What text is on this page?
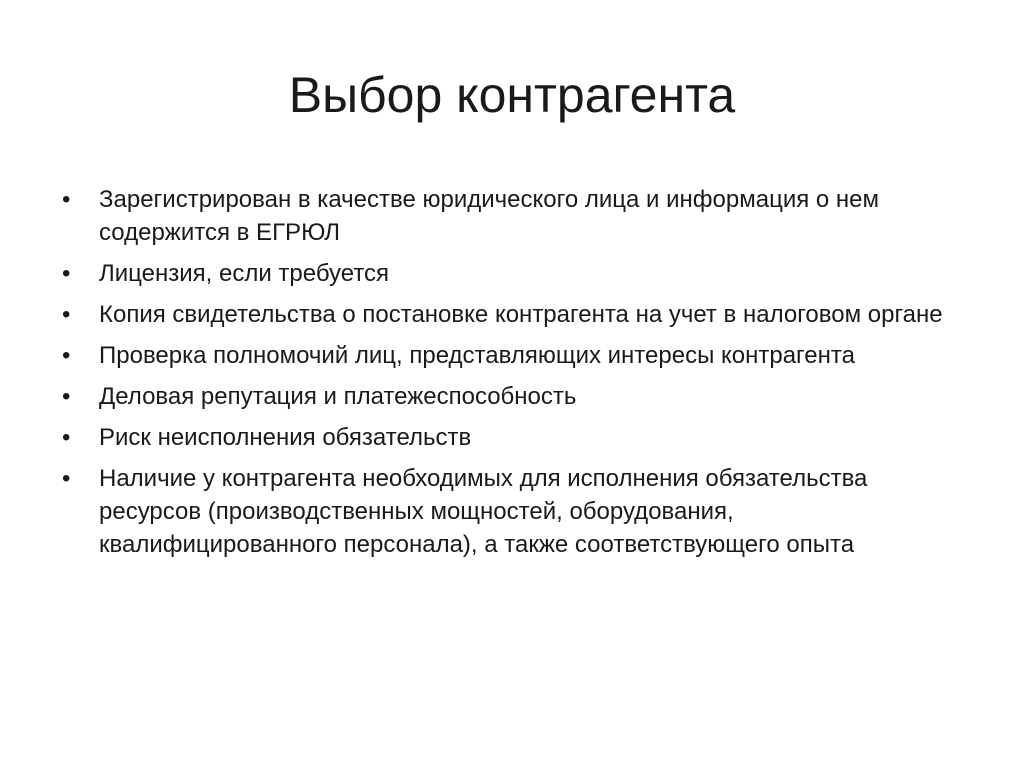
Выбор контрагента
•	Зарегистрирован в качестве юридического лица и информация о нем содержится в ЕГРЮЛ
•	Лицензия, если требуется
•	Копия свидетельства о постановке контрагента на учет в налоговом органе
•	Проверка полномочий лиц, представляющих интересы контрагента
•	Деловая репутация и платежеспособность
•	Риск неисполнения обязательств
•	Наличие у контрагента необходимых для исполнения обязательства ресурсов (производственных мощностей, оборудования, квалифицированного персонала), а также соответствующего опыта
